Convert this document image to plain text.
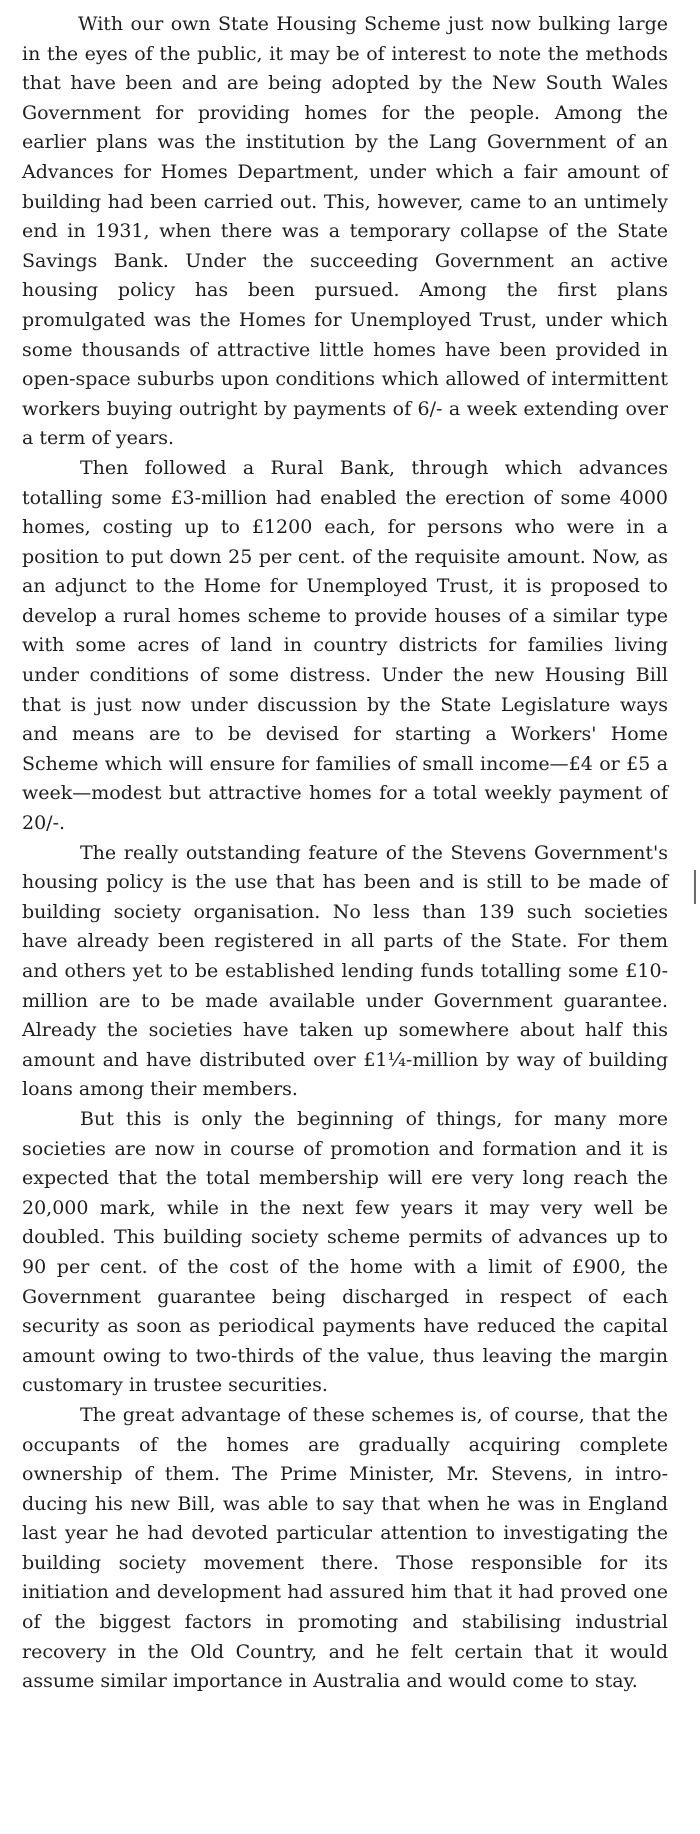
With our own State Housing Scheme just now bulking large in the eyes of the public, it may be of interest to note the methods that have been and are being adopted by the New South Wales Government for providing homes for the people. Among the earlier plans was the institution by the Lang Government of an Advances for Homes Department, under which a fair amount of building had been carried out. This, however, came to an untimely end in 1931, when there was a temporary collapse of the State Savings Bank. Under the succeeding Government an active housing policy has been pursued. Among the first plans promulgated was the Homes for Unemployed Trust, under which some thousands of attractive little homes have been provided in open-space suburbs upon conditions which allowed of intermittent workers buying outright by payments of 6/- a week extending over a term of years.

Then followed a Rural Bank, through which advances totalling some £3-million had enabled the erection of some 4000 homes, costing up to £1200 each, for persons who were in a position to put down 25 per cent. of the requisite amount. Now, as an adjunct to the Home for Unemployed Trust, it is proposed to develop a rural homes scheme to provide houses of a similar type with some acres of land in country districts for families living under conditions of some distress. Under the new Housing Bill that is just now under discussion by the State Legislature ways and means are to be devised for starting a Workers' Home Scheme which will ensure for families of small income—£4 or £5 a week—modest but attractive homes for a total weekly payment of 20/-.

The really outstanding feature of the Stevens Government's housing policy is the use that has been and is still to be made of building society organisation. No less than 139 such societies have already been registered in all parts of the State. For them and others yet to be established lending funds totalling some £10-million are to be made available under Government guarantee. Already the societies have taken up somewhere about half this amount and have distributed over £1¼-million by way of building loans among their members.

But this is only the beginning of things, for many more societies are now in course of promotion and formation and it is expected that the total membership will ere very long reach the 20,000 mark, while in the next few years it may very well be doubled. This building society scheme permits of advances up to 90 per cent. of the cost of the home with a limit of £900, the Government guarantee being discharged in respect of each security as soon as periodical payments have reduced the capital amount owing to two-thirds of the value, thus leaving the margin customary in trustee securities.

The great advantage of these schemes is, of course, that the occupants of the homes are gradually acquiring complete ownership of them. The Prime Minister, Mr. Stevens, in introducing his new Bill, was able to say that when he was in England last year he had devoted particular attention to investigating the building society movement there. Those responsible for its initiation and development had assured him that it had proved one of the biggest factors in promoting and stabilising industrial recovery in the Old Country, and he felt certain that it would assume similar importance in Australia and would come to stay.
